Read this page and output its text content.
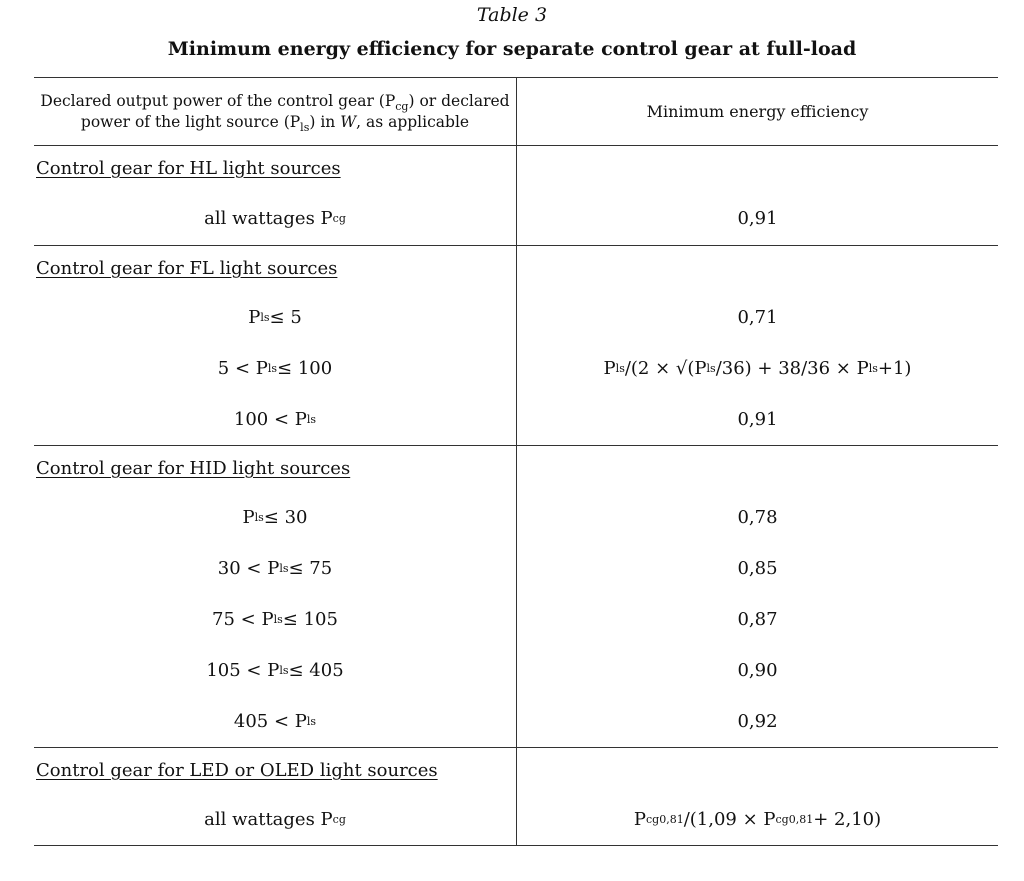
Table 3
Minimum energy efficiency for separate control gear at full-load
Declared output power of the control gear $(P_{cg})$ or declared
power of the light source $(P_{ls})$ in W, as applicable
Minimum energy efficiency
Control gear for HL light sources
all wattages P cg	0,91
Control gear for FL light sources
P ls ≤ 5
5 < P ls ≤ 100
100 < P ls
0,71
P ls /(2 × √(P ls /36) + 38/36 × P ls +1)
0,91
Control gear for HID light sources
P ls ≤ 30
30 < P ls ≤ 75
75 < P ls ≤ 105
105 < P ls ≤ 405
405 < P ls
0,78
0,85
0,87
0,90
0,92
Control gear for LED or OLED light sources
all wattages P cg	P cg 0,81 /(1,09 × P cg 0,81 + 2,10)
